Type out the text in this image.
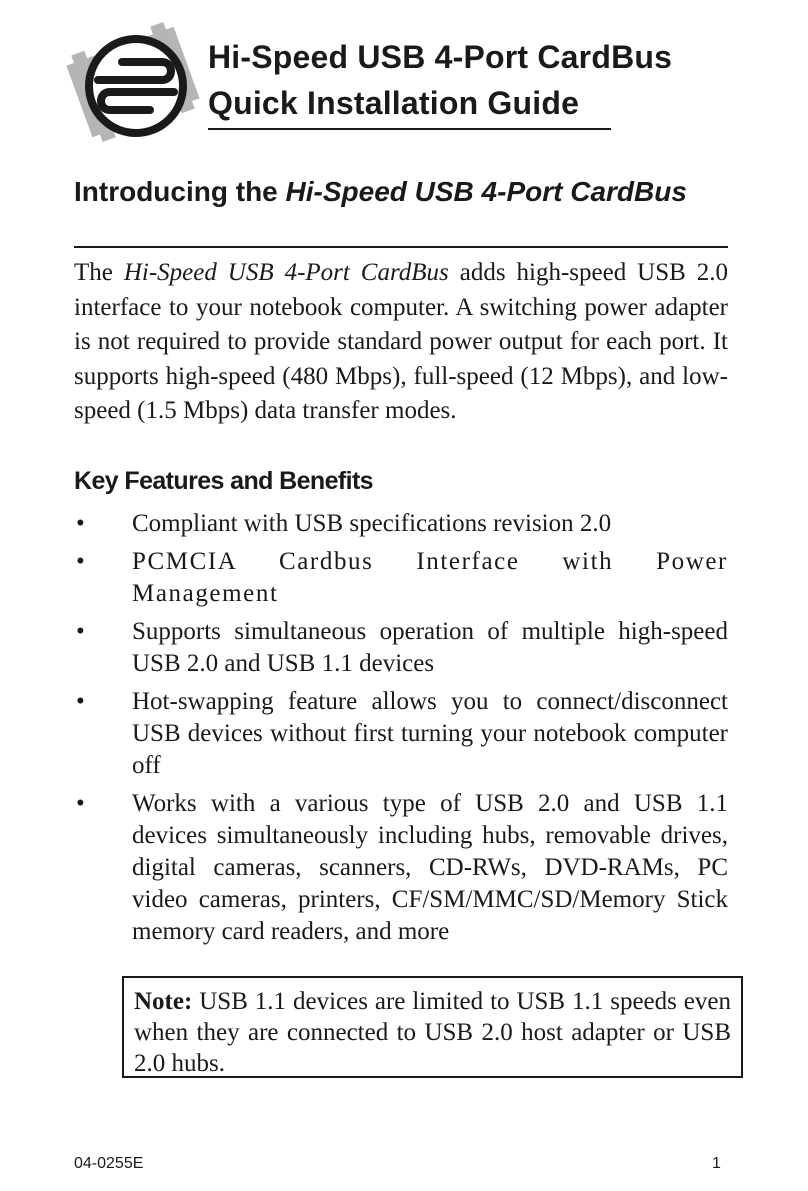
Hi-Speed USB 4-Port CardBus
Quick Installation Guide
Introducing the Hi-Speed USB 4-Port CardBus

The Hi-Speed USB 4-Port CardBus adds high-speed USB 2.0 interface to your notebook computer. A switching power adapter is not required to provide standard power output for each port. It supports high-speed (480 Mbps), full-speed (12 Mbps), and low-speed (1.5 Mbps) data transfer modes.

Key Features and Benefits
• Compliant with USB specifications revision 2.0
• PCMCIA Cardbus Interface with Power Management
• Supports simultaneous operation of multiple high-speed USB 2.0 and USB 1.1 devices
• Hot-swapping feature allows you to connect/disconnect USB devices without first turning your notebook computer off
• Works with a various type of USB 2.0 and USB 1.1 devices simultaneously including hubs, removable drives, digital cameras, scanners, CD-RWs, DVD-RAMs, PC video cameras, printers, CF/SM/MMC/SD/Memory Stick memory card readers, and more
Note: USB 1.1 devices are limited to USB 1.1 speeds even when they are connected to USB 2.0 host adapter or USB 2.0 hubs.
04-0255E	1
